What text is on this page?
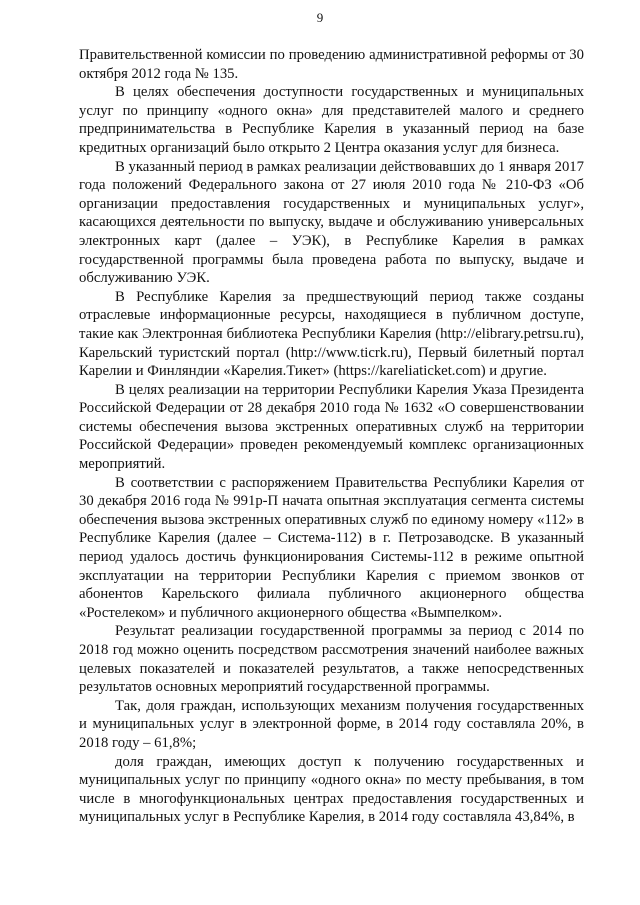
9

Правительственной комиссии по проведению административной реформы от 30 октября 2012 года № 135.

В целях обеспечения доступности государственных и муниципальных услуг по принципу «одного окна» для представителей малого и среднего предпринимательства в Республике Карелия в указанный период на базе кредитных организаций было открыто 2 Центра оказания услуг для бизнеса.

В указанный период в рамках реализации действовавших до 1 января 2017 года положений Федерального закона от 27 июля 2010 года № 210-ФЗ «Об организации предоставления государственных и муниципальных услуг», касающихся деятельности по выпуску, выдаче и обслуживанию универсальных электронных карт (далее – УЭК), в Республике Карелия в рамках государственной программы была проведена работа по выпуску, выдаче и обслуживанию УЭК.

В Республике Карелия за предшествующий период также созданы отраслевые информационные ресурсы, находящиеся в публичном доступе, такие как Электронная библиотека Республики Карелия (http://elibrary.petrsu.ru), Карельский туристский портал (http://www.ticrk.ru), Первый билетный портал Карелии и Финляндии «Карелия.Тикет» (https://kareliaticket.com) и другие.

В целях реализации на территории Республики Карелия Указа Президента Российской Федерации от 28 декабря 2010 года № 1632 «О совершенствовании системы обеспечения вызова экстренных оперативных служб на территории Российской Федерации» проведен рекомендуемый комплекс организационных мероприятий.

В соответствии с распоряжением Правительства Республики Карелия от 30 декабря 2016 года № 991р-П начата опытная эксплуатация сегмента системы обеспечения вызова экстренных оперативных служб по единому номеру «112» в Республике Карелия (далее – Система-112) в г. Петрозаводске. В указанный период удалось достичь функционирования Системы-112 в режиме опытной эксплуатации на территории Республики Карелия с приемом звонков от абонентов Карельского филиала публичного акционерного общества «Ростелеком» и публичного акционерного общества «Вымпелком».

Результат реализации государственной программы за период с 2014 по 2018 год можно оценить посредством рассмотрения значений наиболее важных целевых показателей и показателей результатов, а также непосредственных результатов основных мероприятий государственной программы.

Так, доля граждан, использующих механизм получения государственных и муниципальных услуг в электронной форме, в 2014 году составляла 20%, в 2018 году – 61,8%;

доля граждан, имеющих доступ к получению государственных и муниципальных услуг по принципу «одного окна» по месту пребывания, в том числе в многофункциональных центрах предоставления государственных и муниципальных услуг в Республике Карелия, в 2014 году составляла 43,84%, в
